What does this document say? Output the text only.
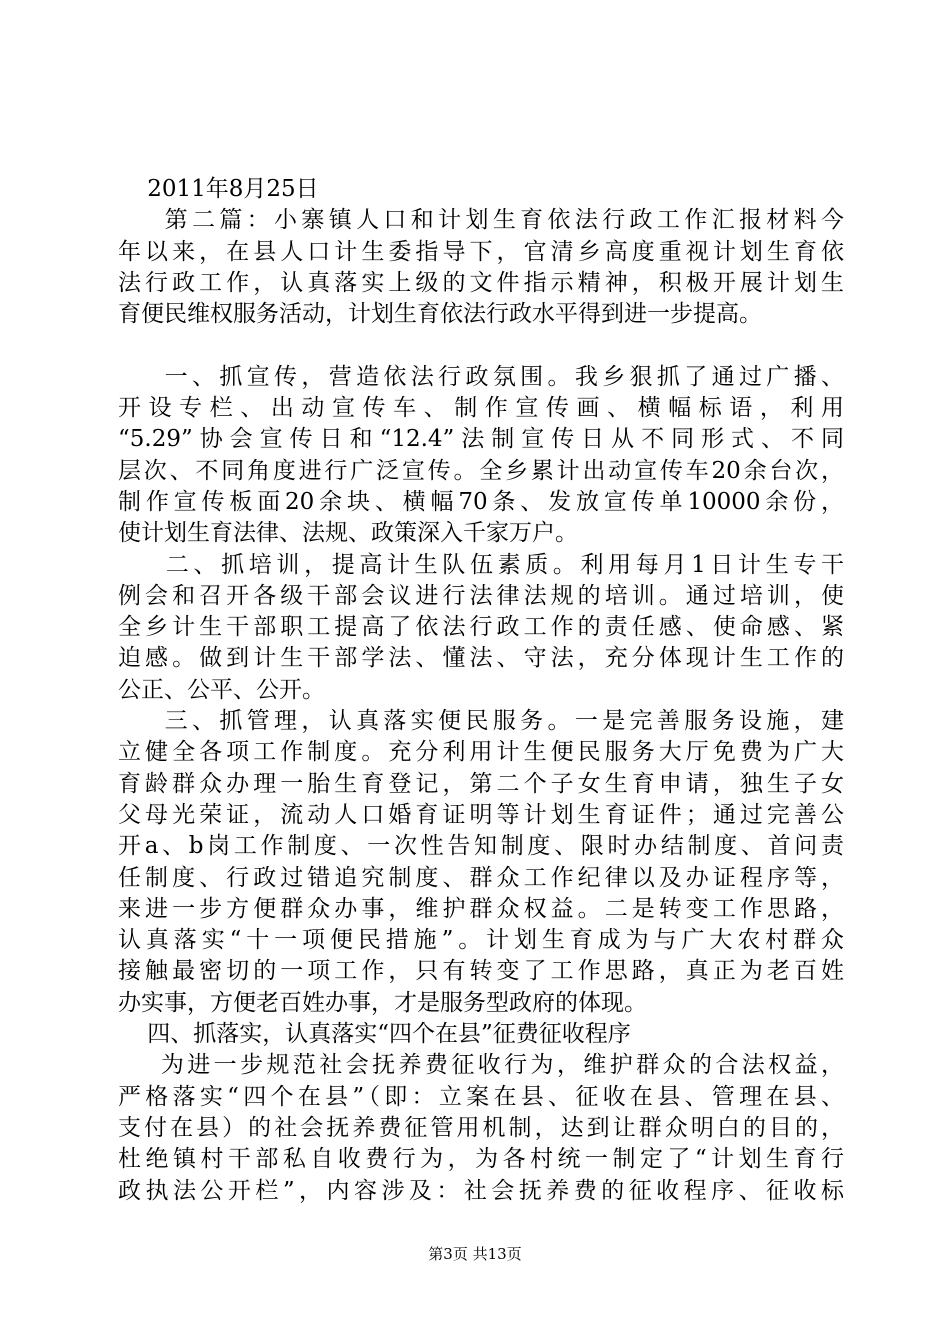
2011年8月25日
第二篇：小寨镇人口和计划生育依法行政工作汇报材料今
年以来，在县人口计生委指导下，官清乡高度重视计划生育依
法行政工作，认真落实上级的文件指示精神，积极开展计划生
育便民维权服务活动，计划生育依法行政水平得到进一步提高。
一、抓宣传，营造依法行政氛围。我乡狠抓了通过广播、
开设专栏、出动宣传车、制作宣传画、横幅标语，利用
“5.29”协会宣传日和“12.4”法制宣传日从不同形式、不同
层次、不同角度进行广泛宣传。全乡累计出动宣传车20余台次，
制作宣传板面20余块、横幅70条、发放宣传单10000余份，
使计划生育法律、法规、政策深入千家万户。
二、抓培训，提高计生队伍素质。利用每月1日计生专干
例会和召开各级干部会议进行法律法规的培训。通过培训，使
全乡计生干部职工提高了依法行政工作的责任感、使命感、紧
迫感。做到计生干部学法、懂法、守法，充分体现计生工作的
公正、公平、公开。
三、抓管理，认真落实便民服务。一是完善服务设施，建
立健全各项工作制度。充分利用计生便民服务大厅免费为广大
育龄群众办理一胎生育登记，第二个子女生育申请，独生子女
父母光荣证，流动人口婚育证明等计划生育证件；通过完善公
开a、b岗工作制度、一次性告知制度、限时办结制度、首问责
任制度、行政过错追究制度、群众工作纪律以及办证程序等，
来进一步方便群众办事，维护群众权益。二是转变工作思路，
认真落实“十一项便民措施”。计划生育成为与广大农村群众
接触最密切的一项工作，只有转变了工作思路，真正为老百姓
办实事，方便老百姓办事，才是服务型政府的体现。
四、抓落实，认真落实“四个在县”征费征收程序
为进一步规范社会抚养费征收行为，维护群众的合法权益，
严格落实“四个在县”（即：立案在县、征收在县、管理在县、
支付在县）的社会抚养费征管用机制，达到让群众明白的目的，
杜绝镇村干部私自收费行为，为各村统一制定了“计划生育行
政执法公开栏”，内容涉及：社会抚养费的征收程序、征收标
第3页 共13页
